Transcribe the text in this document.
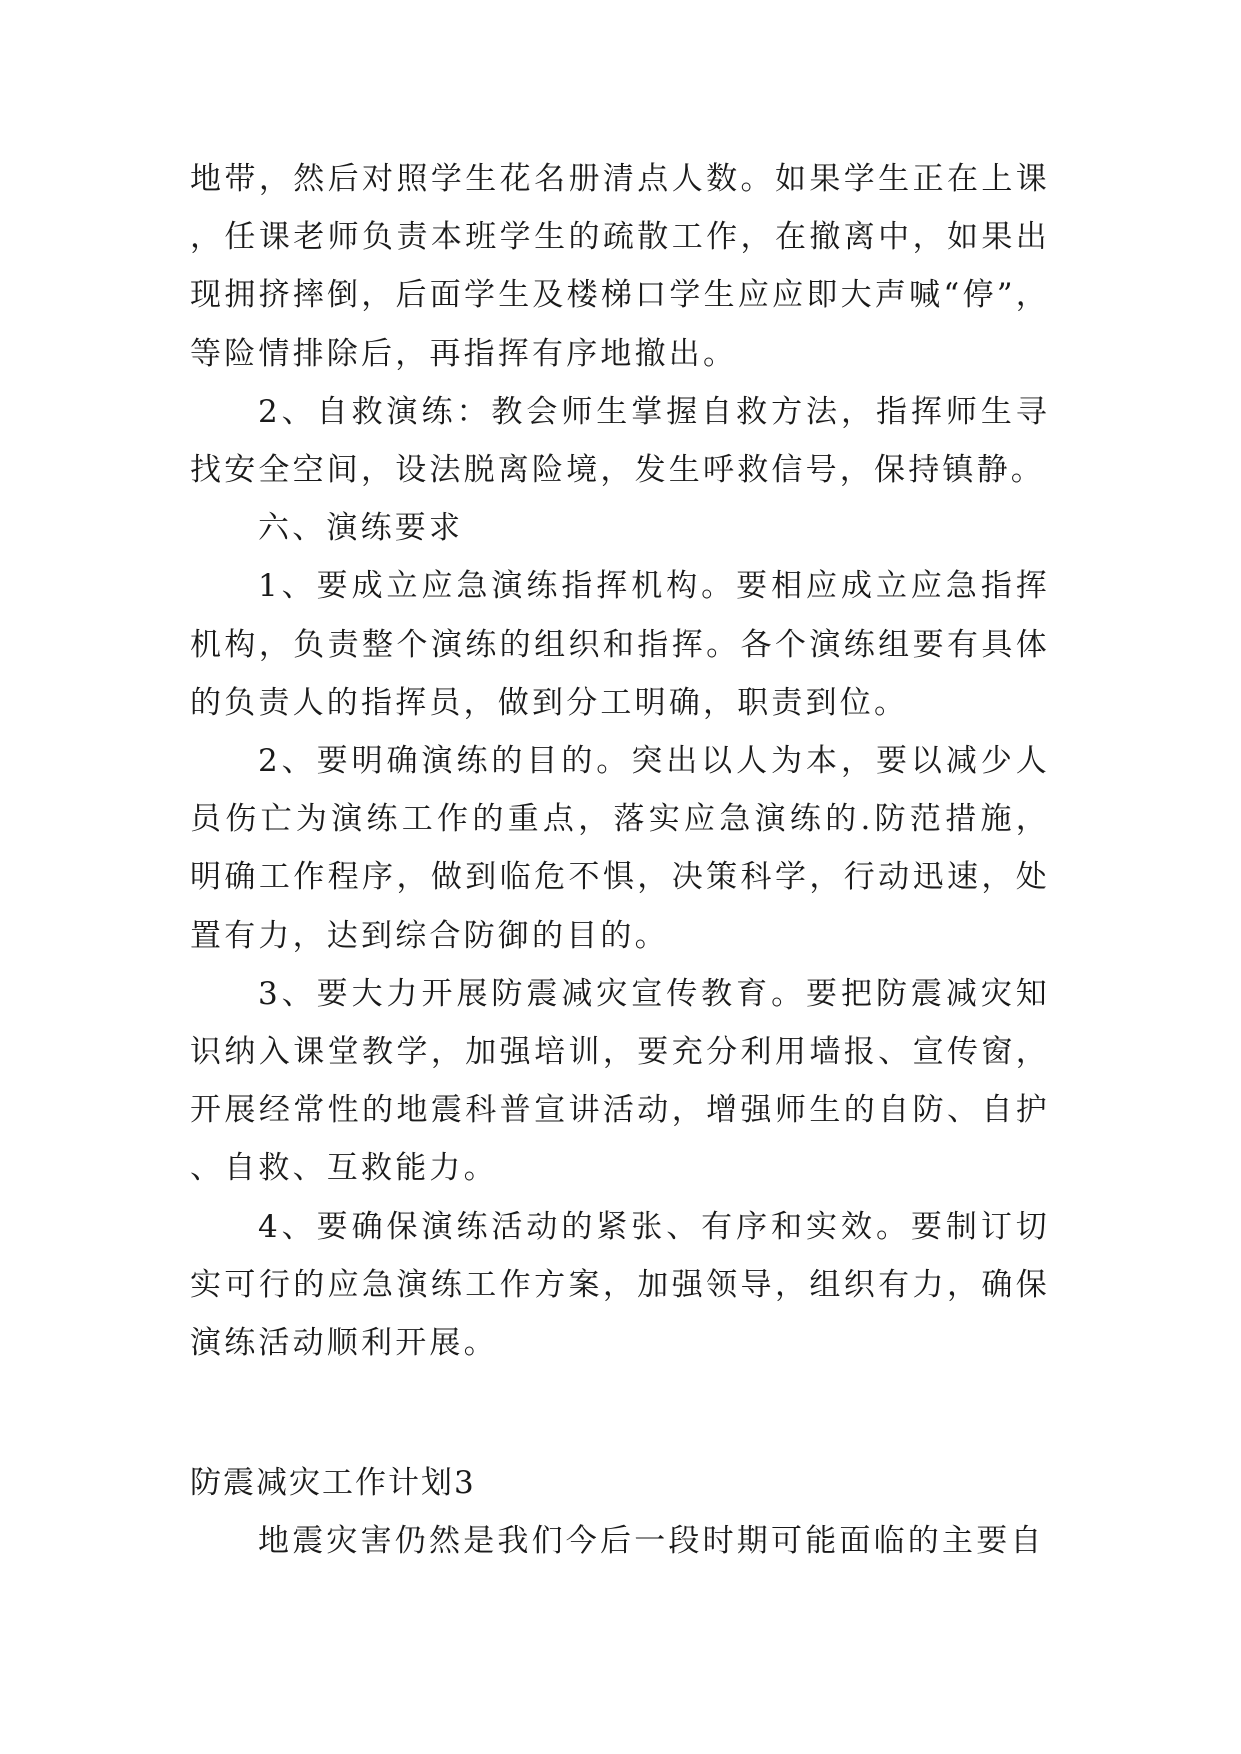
地带，然后对照学生花名册清点人数。如果学生正在上课，任课老师负责本班学生的疏散工作，在撤离中，如果出现拥挤摔倒，后面学生及楼梯口学生应应即大声喊“停”，等险情排除后，再指挥有序地撤出。

2、自救演练：教会师生掌握自救方法，指挥师生寻找安全空间，设法脱离险境，发生呼救信号，保持镇静。

六、演练要求

1、要成立应急演练指挥机构。要相应成立应急指挥机构，负责整个演练的组织和指挥。各个演练组要有具体的负责人的指挥员，做到分工明确，职责到位。

2、要明确演练的目的。突出以人为本，要以减少人员伤亡为演练工作的重点，落实应急演练的.防范措施，明确工作程序，做到临危不惧，决策科学，行动迅速，处置有力，达到综合防御的目的。

3、要大力开展防震减灾宣传教育。要把防震减灾知识纳入课堂教学，加强培训，要充分利用墙报、宣传窗，开展经常性的地震科普宣讲活动，增强师生的自防、自护、自救、互救能力。

4、要确保演练活动的紧张、有序和实效。要制订切实可行的应急演练工作方案，加强领导，组织有力，确保演练活动顺利开展。

防震减灾工作计划3

地震灾害仍然是我们今后一段时期可能面临的主要自
